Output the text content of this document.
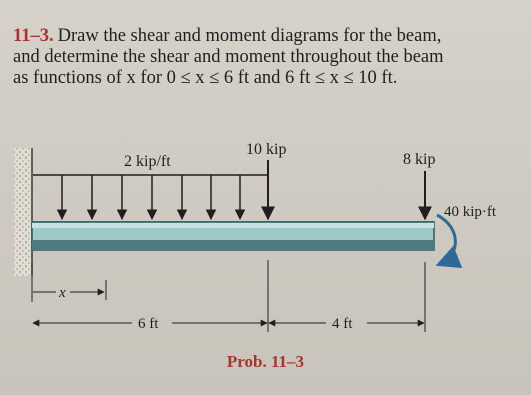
11–3. Draw the shear and moment diagrams for the beam,
and determine the shear and moment throughout the beam
as functions of x for 0 ≤ x ≤ 6 ft and 6 ft ≤ x ≤ 10 ft.
2 kip/ft
10 kip
8 kip
40 kip·ft
x
6 ft	4 ft
Prob. 11–3
